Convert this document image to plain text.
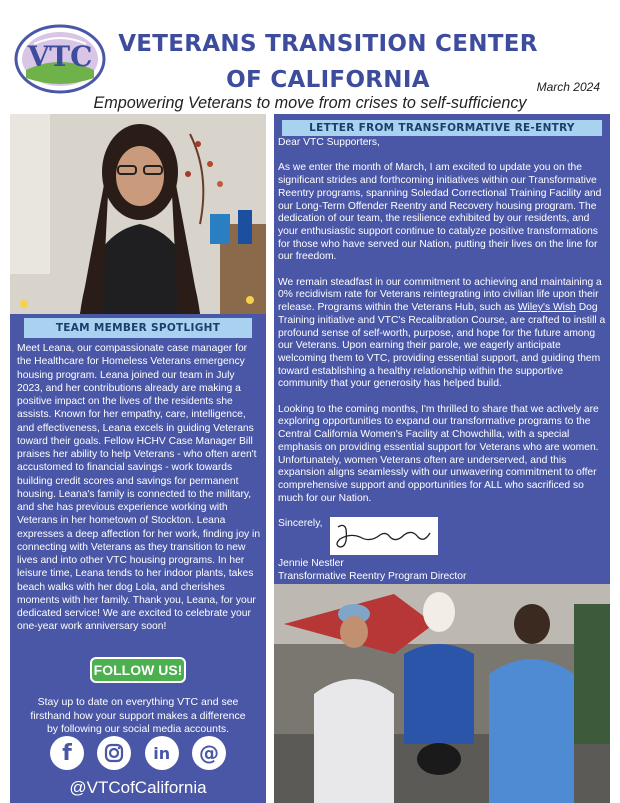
VTC	VETERANS TRANSITION CENTER
OF CALIFORNIA	March 2024
Empowering Veterans to move from crises to self-sufficiency
TEAM MEMBER SPOTLIGHT
Meet Leana, our compassionate case manager for the Healthcare for Homeless Veterans emergency housing program. Leana joined our team in July 2023, and her contributions already are making a positive impact on the lives of the residents she assists. Known for her empathy, care, intelligence, and effectiveness, Leana excels in guiding Veterans toward their goals. Fellow HCHV Case Manager Bill praises her ability to help Veterans - who often aren't accustomed to financial savings - work towards building credit scores and savings for permanent housing. Leana's family is connected to the military, and she has previous experience working with Veterans in her hometown of Stockton. Leana expresses a deep affection for her work, finding joy in connecting with Veterans as they transition to new lives and into other VTC housing programs. In her leisure time, Leana tends to her indoor plants, takes beach walks with her dog Lola, and cherishes moments with her family. Thank you, Leana, for your dedicated service! We are excited to celebrate your one-year work anniversary soon!
FOLLOW US!
Stay up to date on everything VTC and see firsthand how your support makes a difference by following our social media accounts.
f	in	@
@VTCofCalifornia
LETTER FROM TRANSFORMATIVE RE-ENTRY

Dear VTC Supporters,

As we enter the month of March, I am excited to update you on the significant strides and forthcoming initiatives within our Transformative Reentry programs, spanning Soledad Correctional Training Facility and our Long-Term Offender Reentry and Recovery housing program. The dedication of our team, the resilience exhibited by our residents, and your enthusiastic support continue to catalyze positive transformations for those who have served our Nation, putting their lives on the line for our freedom.

We remain steadfast in our commitment to achieving and maintaining a 0% recidivism rate for Veterans reintegrating into civilian life upon their release. Programs within the Veterans Hub, such as Wiley's Wish Dog Training initiative and VTC's Recalibration Course, are crafted to instill a profound sense of self-worth, purpose, and hope for the future among our Veterans. Upon earning their parole, we eagerly anticipate welcoming them to VTC, providing essential support, and guiding them toward establishing a healthy relationship within the supportive community that your generosity has helped build.

Looking to the coming months, I'm thrilled to share that we actively are exploring opportunities to expand our transformative programs to the Central California Women's Facility at Chowchilla, with a special emphasis on providing essential support for Veterans who are women. Unfortunately, women Veterans often are underserved, and this expansion aligns seamlessly with our unwavering commitment to offer comprehensive support and opportunities for ALL who sacrificed so much for our Nation.

Sincerely,

Jennie Nestler
Transformative Reentry Program Director
